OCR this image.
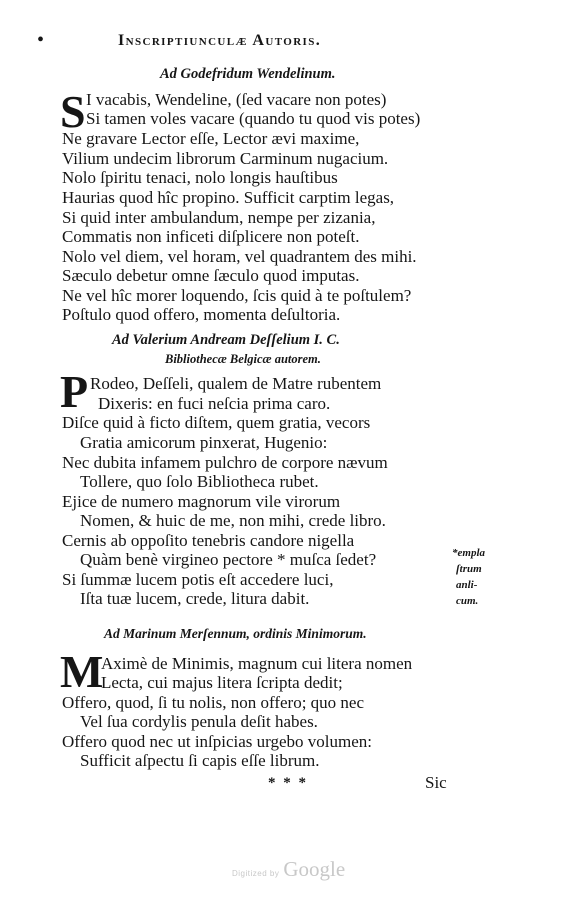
•	Inscriptiunculæ Autoris.
Ad Godefridum Wendelinum.
S I vacabis, Wendeline, (ſed vacare non potes)
Si tamen voles vacare (quando tu quod vis potes)
Ne gravare Lector eſſe, Lector ævi maxime,
Vilium undecim librorum Carminum nugacium.
Nolo ſpiritu tenaci, nolo longis hauſtibus
Haurias quod hîc propino. Sufficit carptim legas,
Si quid inter ambulandum, nempe per zizania,
Commatis non inficeti diſplicere non poteſt.
Nolo vel diem, vel horam, vel quadrantem des mihi.
Sæculo debetur omne ſæculo quod imputas.
Ne vel hîc morer loquendo, ſcis quid à te poſtulem?
Poſtulo quod offero, momenta deſultoria.
Ad Valerium Andream Deſſelium I. C.
Bibliothecæ Belgicæ autorem.
P Rodeo, Deſſeli, qualem de Matre rubentem
Dixeris: en fuci neſcia prima caro.
Diſce quid à ficto diſtem, quem gratia, vecors
Gratia amicorum pinxerat, Hugenio:
Nec dubita infamem pulchro de corpore nævum
Tollere, quo ſolo Bibliotheca rubet.
Ejice de numero magnorum vile virorum
Nomen, & huic de me, non mihi, crede libro.
Cernis ab oppoſito tenebris candore nigella
Quàm benè virgineo pectore * muſca ſedet?
Si ſummæ lucem potis eſt accedere luci,
Iſta tuæ lucem, crede, litura dabit.
*empla
ſtrum
anli-
cum.
Ad Marinum Merſennum, ordinis Minimorum.
M
Aximè de Minimis, magnum cui litera nomen
Lecta, cui majus litera ſcripta dedit;
Offero, quod, ſi tu nolis, non offero; quo nec
Vel ſua cordylis penula deſit habes.
Offero quod nec ut inſpicias urgebo volumen:
Sufficit aſpectu ſi capis eſſe librum.
* * *	Sic
Digitized by Google
